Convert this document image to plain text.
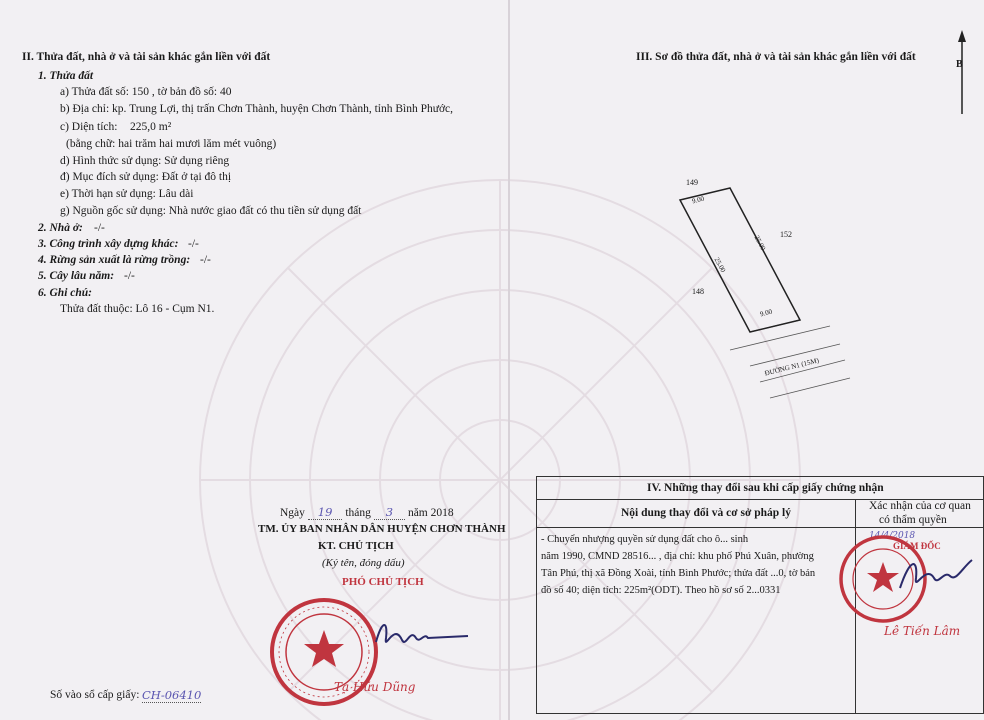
II. Thửa đất, nhà ở và tài sản khác gắn liền với đất
1. Thửa đất
a) Thửa đất số: 150 , tờ bản đồ số: 40
b) Địa chỉ: kp. Trung Lợi, thị trấn Chơn Thành, huyện Chơn Thành, tỉnh Bình Phước,
c) Diện tích: 225,0 m²
(bằng chữ: hai trăm hai mươi lăm mét vuông)
d) Hình thức sử dụng: Sử dụng riêng
đ) Mục đích sử dụng: Đất ở tại đô thị
e) Thời hạn sử dụng: Lâu dài
g) Nguồn gốc sử dụng: Nhà nước giao đất có thu tiền sử dụng đất
2. Nhà ở: -/-
3. Công trình xây dựng khác: -/-
4. Rừng sản xuất là rừng trồng: -/-
5. Cây lâu năm: -/-
6. Ghi chú:
Thửa đất thuộc: Lô 16 - Cụm N1.
Ngày 19 tháng 3 năm 2018
TM. ỦY BAN NHÂN DÂN HUYỆN CHƠN THÀNH
KT. CHỦ TỊCH
(Ký tên, đóng dấu)
PHÓ CHỦ TỊCH
Tạ Hữu Dũng
Số vào sổ cấp giấy: CH-06410
III. Sơ đồ thửa đất, nhà ở và tài sản khác gắn liền với đất
B
149
148
152
9.00
9.00
25.00
25.00
ĐƯỜNG N1 (15M)
IV. Những thay đổi sau khi cấp giấy chứng nhận
Nội dung thay đổi và cơ sở pháp lý
Xác nhận của cơ quan
có thẩm quyền
- Chuyển nhượng quyền sử dụng đất cho ô... sinh
năm 1990, CMND 28516... , địa chỉ: khu phố Phú Xuân, phường
Tân Phú, thị xã Đồng Xoài, tỉnh Bình Phước; thửa đất ...0, tờ bản
đồ số 40; diện tích: 225m²(ODT). Theo hồ sơ số 2...0331
14/4/2018
GIÁM ĐỐC
Lê Tiến Lâm
